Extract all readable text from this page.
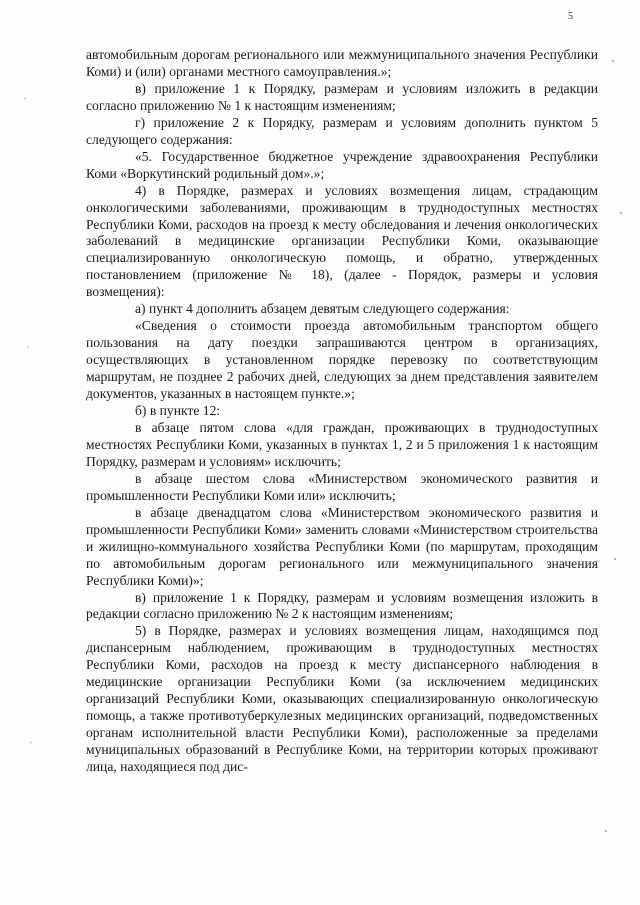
5

автомобильным дорогам регионального или межмуниципального значения Республики Коми) и (или) органами местного самоуправления.»;

в) приложение 1 к Порядку, размерам и условиям изложить в редакции согласно приложению № 1 к настоящим изменениям;

г) приложение 2 к Порядку, размерам и условиям дополнить пунктом 5 следующего содержания:

«5. Государственное бюджетное учреждение здравоохранения Республики Коми «Воркутинский родильный дом».»;

4) в Порядке, размерах и условиях возмещения лицам, страдающим онкологическими заболеваниями, проживающим в труднодоступных местностях Республики Коми, расходов на проезд к месту обследования и лечения онкологических заболеваний в медицинские организации Республики Коми, оказывающие специализированную онкологическую помощь, и обратно, утвержденных постановлением (приложение № 18), (далее - Порядок, размеры и условия возмещения):

а) пункт 4 дополнить абзацем девятым следующего содержания:

«Сведения о стоимости проезда автомобильным транспортом общего пользования на дату поездки запрашиваются центром в организациях, осуществляющих в установленном порядке перевозку по соответствующим маршрутам, не позднее 2 рабочих дней, следующих за днем представления заявителем документов, указанных в настоящем пункте.»;

б) в пункте 12:

в абзаце пятом слова «для граждан, проживающих в труднодоступных местностях Республики Коми, указанных в пунктах 1, 2 и 5 приложения 1 к настоящим Порядку, размерам и условиям» исключить;

в абзаце шестом слова «Министерством экономического развития и промышленности Республики Коми или» исключить;

в абзаце двенадцатом слова «Министерством экономического развития и промышленности Республики Коми» заменить словами «Министерством строительства и жилищно-коммунального хозяйства Республики Коми (по маршрутам, проходящим по автомобильным дорогам регионального или межмуниципального значения Республики Коми)»;

в) приложение 1 к Порядку, размерам и условиям возмещения изложить в редакции согласно приложению № 2 к настоящим изменениям;

5) в Порядке, размерах и условиях возмещения лицам, находящимся под диспансерным наблюдением, проживающим в труднодоступных местностях Республики Коми, расходов на проезд к месту диспансерного наблюдения в медицинские организации Республики Коми (за исключением медицинских организаций Республики Коми, оказывающих специализированную онкологическую помощь, а также противотуберкулезных медицинских организаций, подведомственных органам исполнительной власти Республики Коми), расположенные за пределами муниципальных образований в Республике Коми, на территории которых проживают лица, находящиеся под дис-
